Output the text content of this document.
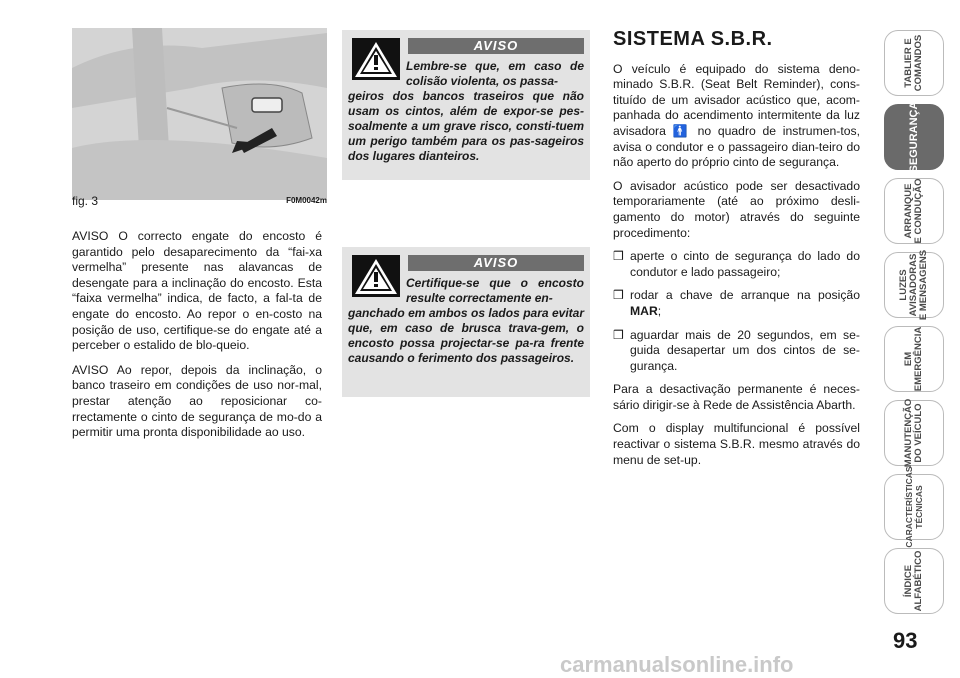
fig. 3	F0M0042m

AVISO O correcto engate do encosto é garantido pelo desaparecimento da “fai-xa vermelha” presente nas alavancas de desengate para a inclinação do encosto. Esta “faixa vermelha” indica, de facto, a fal-ta de engate do encosto. Ao repor o en-costo na posição de uso, certifique-se do engate até a perceber o estalido de blo-queio.

AVISO Ao repor, depois da inclinação, o banco traseiro em condições de uso nor-mal, prestar atenção ao reposicionar co-rrectamente o cinto de segurança de mo-do a permitir uma pronta disponibilidade ao uso.

AVISO
Lembre-se que, em caso de colisão violenta, os passa-
geiros dos bancos traseiros que não usam os cintos, além de expor-se pes-soalmente a um grave risco, consti-tuem um perigo também para os pas-sageiros dos lugares dianteiros.
AVISO
Certifique-se que o encosto resulte correctamente en-
ganchado em ambos os lados para evitar que, em caso de brusca trava-gem, o encosto possa projectar-se pa-ra frente causando o ferimento dos passageiros.
SISTEMA S.B.R.

O veículo é equipado do sistema deno-minado S.B.R. (Seat Belt Reminder), cons-tituído de um avisador acústico que, acom-panhada do acendimento intermitente da luz avisadora 🚹 no quadro de instrumen-tos, avisa o condutor e o passageiro dian-teiro do não aperto do próprio cinto de segurança.

O avisador acústico pode ser desactivado temporariamente (até ao próximo desli-gamento do motor) através do seguinte procedimento:

❒ aperte o cinto de segurança do lado do condutor e lado passageiro;
❒ rodar a chave de arranque na posição MAR;
❒ aguardar mais de 20 segundos, em se-guida desapertar um dos cintos de se-gurança.

Para a desactivação permanente é neces-sário dirigir-se à Rede de Assistência Abarth.

Com o display multifuncional é possível reactivar o sistema S.B.R. mesmo através do menu de set-up.

TABLIER E
COMANDOS
SEGURANÇA
ARRANQUE
E CONDUÇÃO
LUZES
AVISADORAS
E MENSAGENS
EM
EMERGÊNCIA
MANUTENÇÃO
DO VEÍCULO
CARACTERÍSTICAS
TÉCNICAS
ÍNDICE
ALFABÉTICO
93
carmanualsonline.info
